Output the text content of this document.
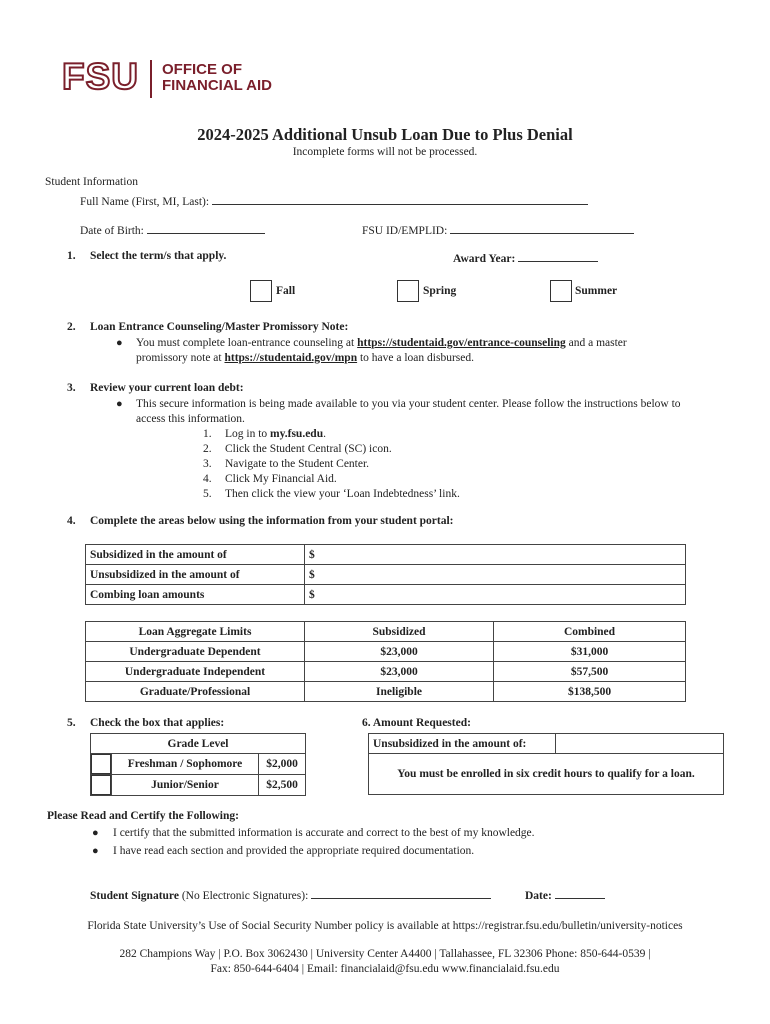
FSU OFFICE OF
FINANCIAL AID
2024-2025 Additional Unsub Loan Due to Plus Denial
Incomplete forms will not be processed.
Student Information
Full Name (First, MI, Last):
Date of Birth:	FSU ID/EMPLID:
1. Select the term/s that apply.	Award Year:
Fall	Spring	Summer
2. Loan Entrance Counseling/Master Promissory Note:
● You must complete loan-entrance counseling at https://studentaid.gov/entrance-counseling and a master
promissory note at https://studentaid.gov/mpn to have a loan disbursed.
3. Review your current loan debt:
● This secure information is being made available to you via your student center. Please follow the instructions below to
access this information.
1. Log in to my.fsu.edu.
2. Click the Student Central (SC) icon.
3. Navigate to the Student Center.
4. Click My Financial Aid.
5. Then click the view your ‘Loan Indebtedness’ link.
4. Complete the areas below using the information from your student portal:
Subsidized in the amount of	$
Unsubsidized in the amount of	$
Combing loan amounts	$
Loan Aggregate Limits	Subsidized	Combined
Undergraduate Dependent	$23,000	$31,000
Undergraduate Independent	$23,000	$57,500
Graduate/Professional	Ineligible	$138,500
5. Check the box that applies:
Grade Level		

	Freshman / Sophomore	$2,000

	Junior/Senior	$2,500
6. Amount Requested:
Unsubsidized in the amount of:	
You must be enrolled in six credit hours to qualify for a loan.
Please Read and Certify the Following:
● I certify that the submitted information is accurate and correct to the best of my knowledge.
● I have read each section and provided the appropriate required documentation.
Student Signature (No Electronic Signatures):	Date:
Florida State University’s Use of Social Security Number policy is available at https://registrar.fsu.edu/bulletin/university-notices
282 Champions Way | P.O. Box 3062430 | University Center A4400 | Tallahassee, FL 32306 Phone: 850-644-0539 |
Fax: 850-644-6404 | Email: financialaid@fsu.edu www.financialaid.fsu.edu
